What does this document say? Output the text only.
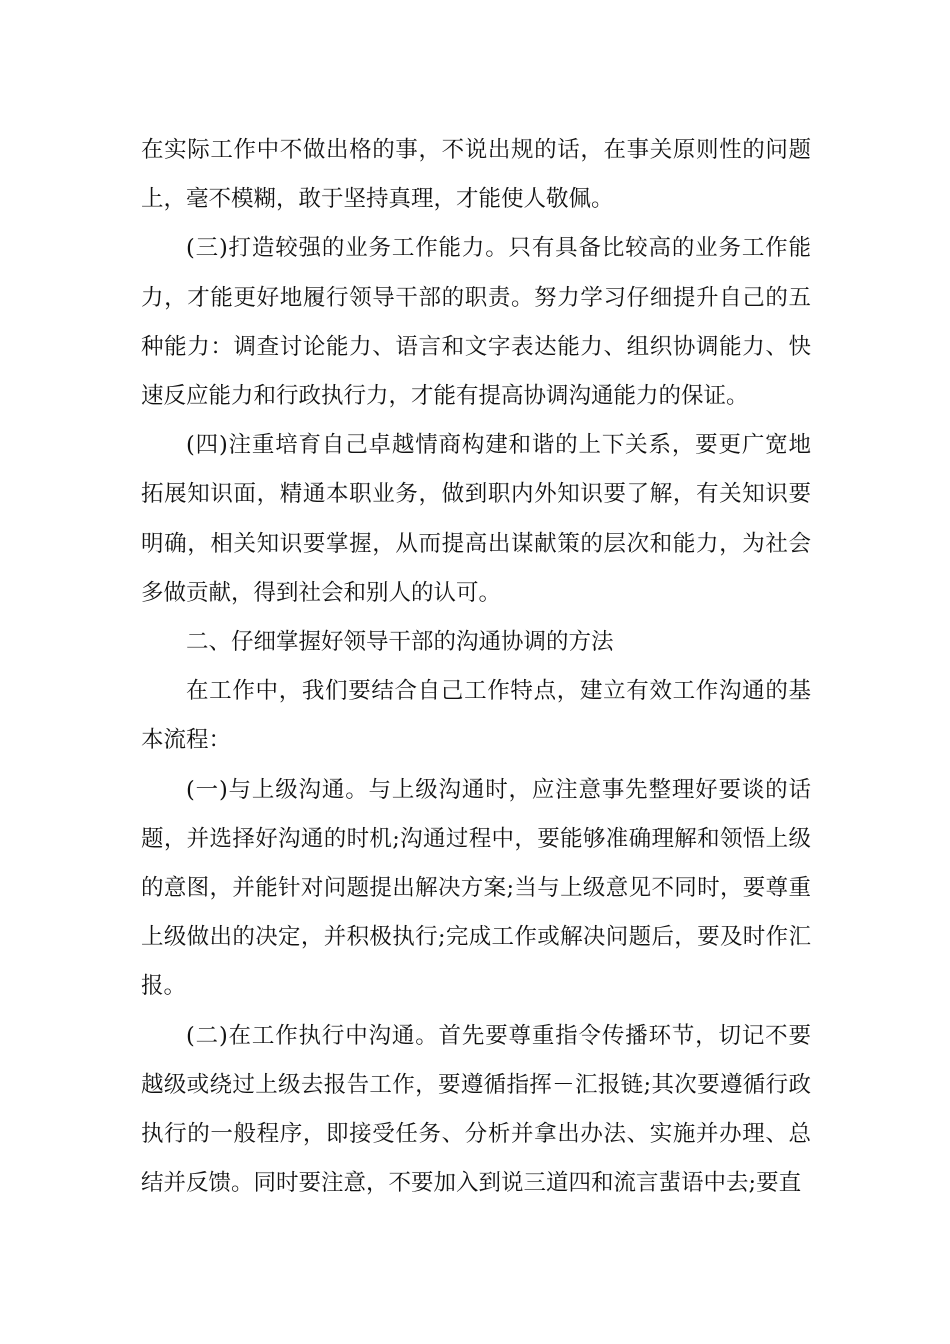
在实际工作中不做出格的事，不说出规的话，在事关原则性的问题上，毫不模糊，敢于坚持真理，才能使人敬佩。

(三)打造较强的业务工作能力。只有具备比较高的业务工作能力，才能更好地履行领导干部的职责。努力学习仔细提升自己的五种能力：调查讨论能力、语言和文字表达能力、组织协调能力、快速反应能力和行政执行力，才能有提高协调沟通能力的保证。

(四)注重培育自己卓越情商构建和谐的上下关系，要更广宽地拓展知识面，精通本职业务，做到职内外知识要了解，有关知识要明确，相关知识要掌握，从而提高出谋献策的层次和能力，为社会多做贡献，得到社会和别人的认可。

二、仔细掌握好领导干部的沟通协调的方法

在工作中，我们要结合自己工作特点，建立有效工作沟通的基本流程：

(一)与上级沟通。与上级沟通时，应注意事先整理好要谈的话题，并选择好沟通的时机;沟通过程中，要能够准确理解和领悟上级的意图，并能针对问题提出解决方案;当与上级意见不同时，要尊重上级做出的决定，并积极执行;完成工作或解决问题后，要及时作汇报。

(二)在工作执行中沟通。首先要尊重指令传播环节，切记不要越级或绕过上级去报告工作，要遵循指挥－汇报链;其次要遵循行政执行的一般程序，即接受任务、分析并拿出办法、实施并办理、总结并反馈。同时要注意，不要加入到说三道四和流言蜚语中去;要直
